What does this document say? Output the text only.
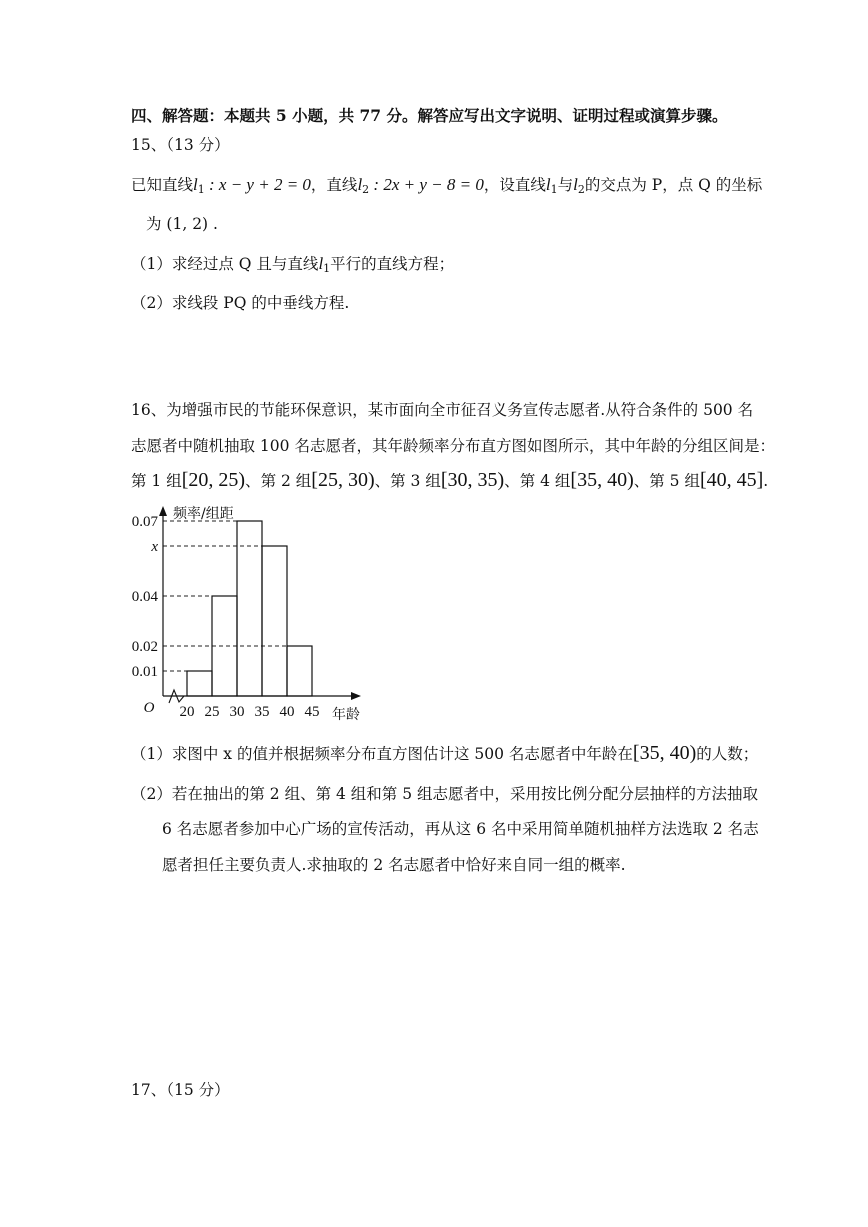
四、解答题：本题共 5 小题，共 77 分。解答应写出文字说明、证明过程或演算步骤。
15、（13 分）
已知直线$l_1$ : x − y + 2 = 0，直线$l_2$ : 2x + y − 8 = 0，设直线$l_1$与$l_2$的交点为 P，点 Q 的坐标
为 (1, 2) .
（1）求经过点 Q 且与直线$l_1$平行的直线方程；
（2）求线段 PQ 的中垂线方程.
16、为增强市民的节能环保意识，某市面向全市征召义务宣传志愿者.从符合条件的 500 名
志愿者中随机抽取 100 名志愿者，其年龄频率分布直方图如图所示，其中年龄的分组区间是：
第 1 组[20, 25)、第 2 组[25, 30)、第 3 组[30, 35)、第 4 组[35, 40)、第 5 组[40, 45].
0.07
x
0.04
0.02
0.01
20 25 30 35 40 45
O
频率/组距
年龄
（1）求图中 x 的值并根据频率分布直方图估计这 500 名志愿者中年龄在[35, 40)的人数；
（2）若在抽出的第 2 组、第 4 组和第 5 组志愿者中，采用按比例分配分层抽样的方法抽取
6 名志愿者参加中心广场的宣传活动，再从这 6 名中采用简单随机抽样方法选取 2 名志
愿者担任主要负责人.求抽取的 2 名志愿者中恰好来自同一组的概率.
17、（15 分）
